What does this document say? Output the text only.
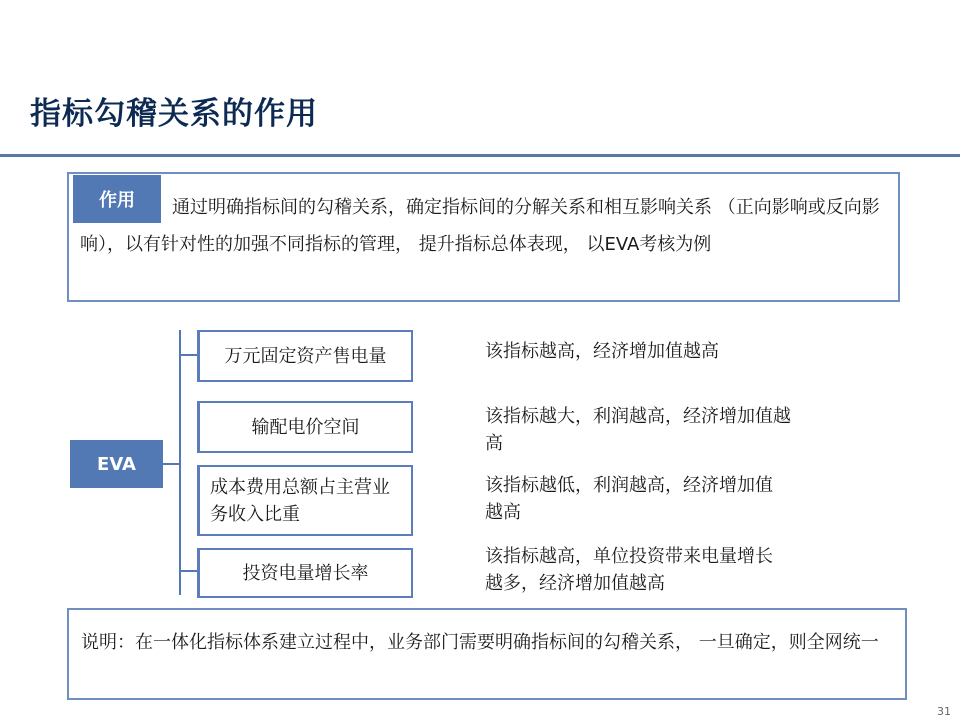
指标勾稽关系的作用
作用	通过明确指标间的勾稽关系，确定指标间的分解关系和相互影响关系 （正向影响或反向影响），以有针对性的加强不同指标的管理， 提升指标总体表现， 以EVA考核为例
EVA
万元固定资产售电量
输配电价空间
成本费用总额占主营业务收入比重
投资电量增长率
该指标越高，经济增加值越高
该指标越大，利润越高，经济增加值越高
该指标越低，利润越高，经济增加值越高
该指标越高，单位投资带来电量增长越多，经济增加值越高
说明：在一体化指标体系建立过程中，业务部门需要明确指标间的勾稽关系， 一旦确定，则全网统一
31
